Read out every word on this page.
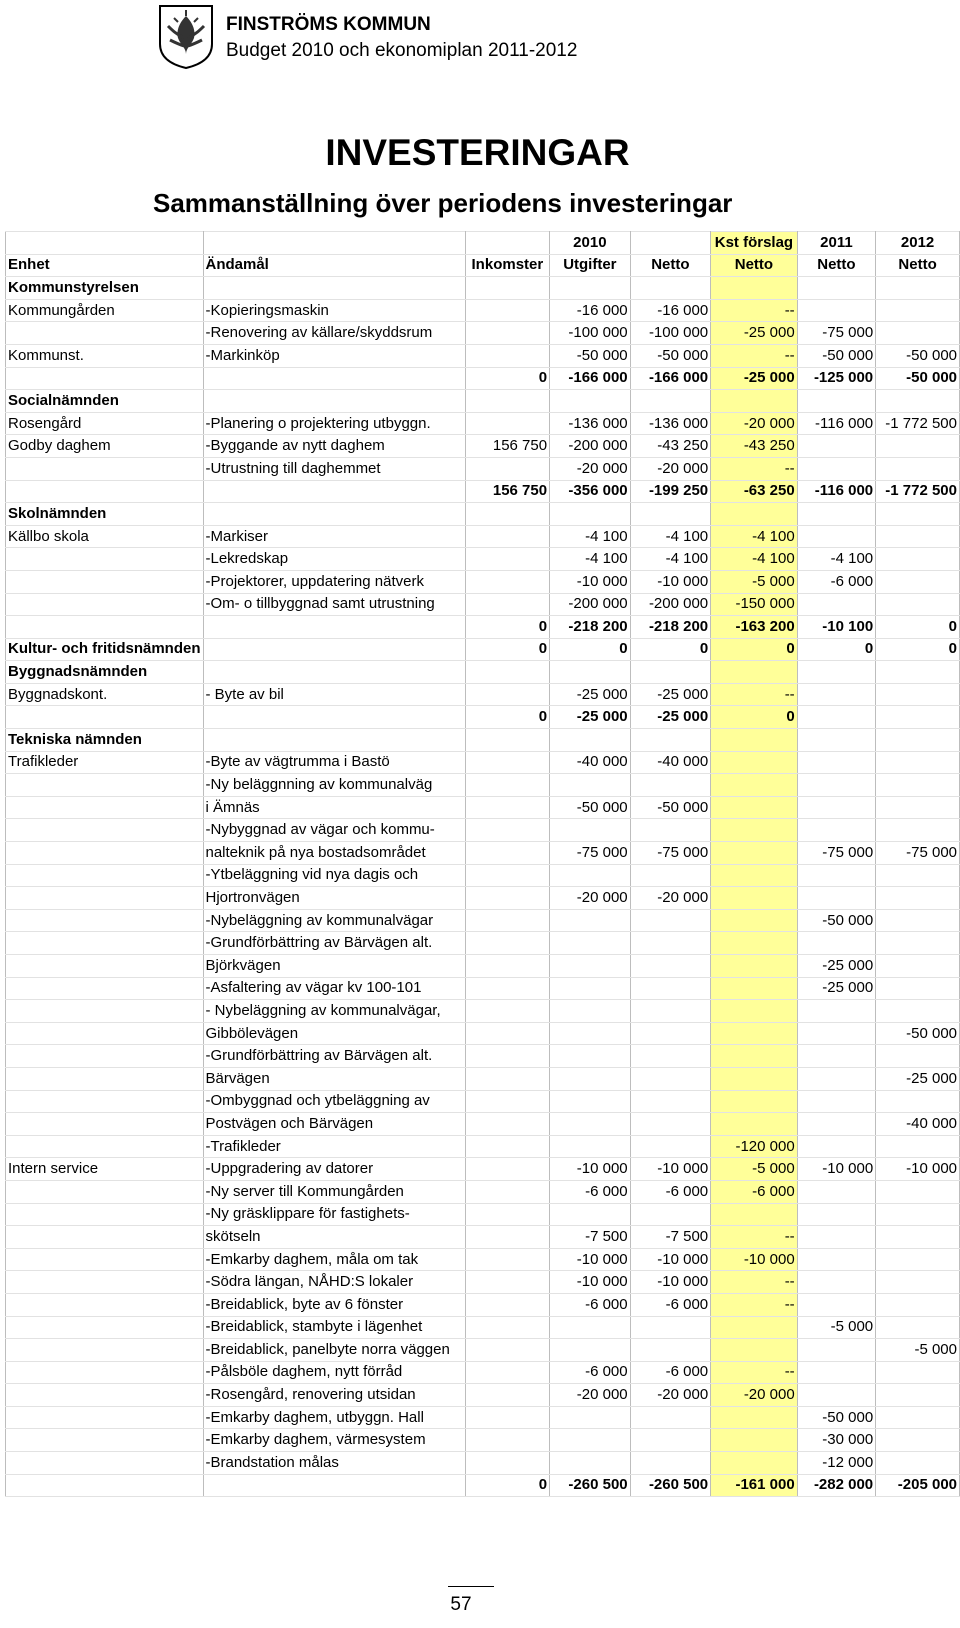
FINSTRÖMS KOMMUN
Budget 2010 och ekonomiplan 2011-2012
INVESTERINGAR
Sammanställning över periodens investeringar
			2010		Kst förslag	2011	2012
Enhet	Ändamål	Inkomster	Utgifter	Netto	Netto	Netto	Netto
Kommunstyrelsen							
Kommungården	-Kopieringsmaskin		-16 000	-16 000	--		
	-Renovering av källare/skyddsrum		-100 000	-100 000	-25 000	-75 000	
Kommunst.	-Markinköp		-50 000	-50 000	--	-50 000	-50 000
		0	-166 000	-166 000	-25 000	-125 000	-50 000
Socialnämnden							
Rosengård	-Planering o projektering utbyggn.		-136 000	-136 000	-20 000	-116 000	-1 772 500
Godby daghem	-Byggande av nytt daghem	156 750	-200 000	-43 250	-43 250		
	-Utrustning till daghemmet		-20 000	-20 000	--		
		156 750	-356 000	-199 250	-63 250	-116 000	-1 772 500
Skolnämnden							
Källbo skola	-Markiser		-4 100	-4 100	-4 100		
	-Lekredskap		-4 100	-4 100	-4 100	-4 100	
	-Projektorer, uppdatering nätverk		-10 000	-10 000	-5 000	-6 000	
	-Om- o tillbyggnad samt utrustning		-200 000	-200 000	-150 000		
		0	-218 200	-218 200	-163 200	-10 100	0
Kultur- och fritidsnämnden		0	0	0	0	0	0
Byggnadsnämnden							
Byggnadskont.	- Byte av bil		-25 000	-25 000	--		
		0	-25 000	-25 000	0		
Tekniska nämnden							
Trafikleder	-Byte av vägtrumma i Bastö		-40 000	-40 000			
	-Ny beläggnning av kommunalväg						
	i Ämnäs		-50 000	-50 000			
	-Nybyggnad av vägar och kommu-						
	nalteknik på nya bostadsområdet		-75 000	-75 000		-75 000	-75 000
	-Ytbeläggning vid nya dagis och						
	Hjortronvägen		-20 000	-20 000			
	-Nybeläggning av kommunalvägar					-50 000	
	-Grundförbättring av Bärvägen alt.						
	Björkvägen					-25 000	
	-Asfaltering av vägar kv 100-101					-25 000	
	- Nybeläggning av kommunalvägar,						
	Gibbölevägen						-50 000
	-Grundförbättring av Bärvägen alt.						
	Bärvägen						-25 000
	-Ombyggnad och ytbeläggning av						
	Postvägen och Bärvägen						-40 000
	-Trafikleder				-120 000		
Intern service	-Uppgradering av datorer		-10 000	-10 000	-5 000	-10 000	-10 000
	-Ny server till Kommungården		-6 000	-6 000	-6 000		
	-Ny gräsklippare för fastighets-						
	skötseln		-7 500	-7 500	--		
	-Emkarby daghem, måla om tak		-10 000	-10 000	-10 000		
	-Södra längan, NÅHD:S lokaler		-10 000	-10 000	--		
	-Breidablick, byte av 6 fönster		-6 000	-6 000	--		
	-Breidablick, stambyte i lägenhet					-5 000	
	-Breidablick, panelbyte norra väggen						-5 000
	-Pålsböle daghem, nytt förråd		-6 000	-6 000	--		
	-Rosengård, renovering utsidan		-20 000	-20 000	-20 000		
	-Emkarby daghem, utbyggn. Hall					-50 000	
	-Emkarby daghem, värmesystem					-30 000	
	-Brandstation målas					-12 000	
		0	-260 500	-260 500	-161 000	-282 000	-205 000
57
